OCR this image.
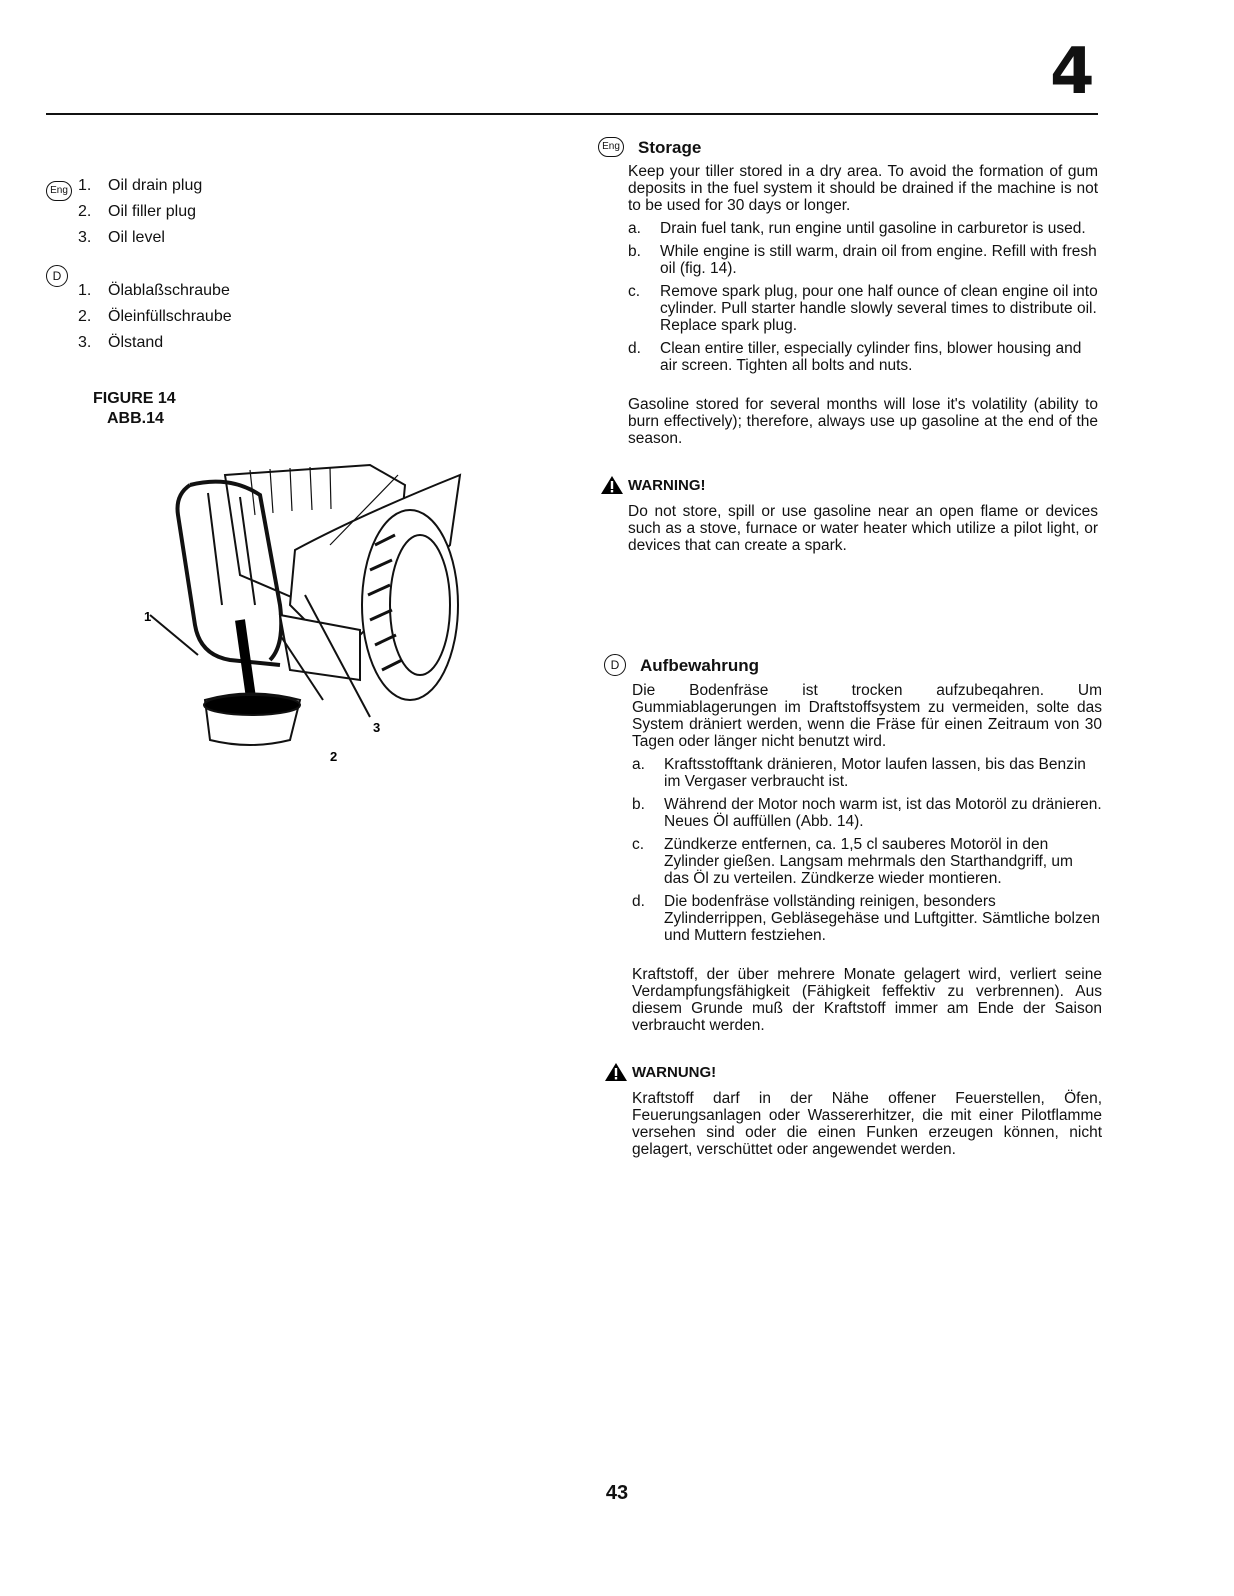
4
Eng 1.	Oil drain plug
2.	Oil filler plug
3.	Oil level
D
1.	Ölablaßschraube
2.	Öleinfüllschraube
3.	Ölstand
FIGURE 14
ABB.14
1
2
3
Eng Storage

Keep your tiller stored in a dry area. To avoid the formation of gum deposits in the fuel system it should be drained if the machine is not to be used for 30 days or longer.

a.	Drain fuel tank, run engine until gasoline in carburetor is used.
b.	While engine is still warm, drain oil from engine. Refill with fresh oil (fig. 14).
c.	Remove spark plug, pour one half ounce of clean engine oil into cylinder. Pull starter handle slowly several times to distribute oil. Replace spark plug.
d.	Clean entire tiller, especially cylinder fins, blower housing and air screen. Tighten all bolts and nuts.

Gasoline stored for several months will lose it's volatility (ability to burn effectively); therefore, always use up gasoline at the end of the season.

WARNING!

Do not store, spill or use gasoline near an open flame or devices such as a stove, furnace or water heater which utilize a pilot light, or devices that can create a spark.

D	Aufbewahrung

Die Bodenfräse ist trocken aufzubeqahren. Um Gummiablagerungen im Draftstoffsystem zu vermeiden, solte das System dräniert werden, wenn die Fräse für einen Zeitraum von 30 Tagen oder länger nicht benutzt wird.

a.	Kraftsstofftank dränieren, Motor laufen lassen, bis das Benzin im Vergaser verbraucht ist.
b.	Während der Motor noch warm ist, ist das Motoröl zu dränieren. Neues Öl auffüllen (Abb. 14).
c.	Zündkerze entfernen, ca. 1,5 cl sauberes Motoröl in den Zylinder gießen. Langsam mehrmals den Starthandgriff, um das Öl zu verteilen. Zündkerze wieder montieren.
d.	Die bodenfräse vollständing reinigen, besonders Zylinderrippen, Gebläsegehäse und Luftgitter. Sämtliche bolzen und Muttern festziehen.

Kraftstoff, der über mehrere Monate gelagert wird, verliert seine Verdampfungsfähigkeit (Fähigkeit feffektiv zu verbrennen). Aus diesem Grunde muß der Kraftstoff immer am Ende der Saison verbraucht werden.

WARNUNG!

Kraftstoff darf in der Nähe offener Feuerstellen, Öfen, Feuerungsanlagen oder Wassererhitzer, die mit einer Pilotflamme versehen sind oder die einen Funken erzeugen können, nicht gelagert, verschüttet oder angewendet werden.

43
